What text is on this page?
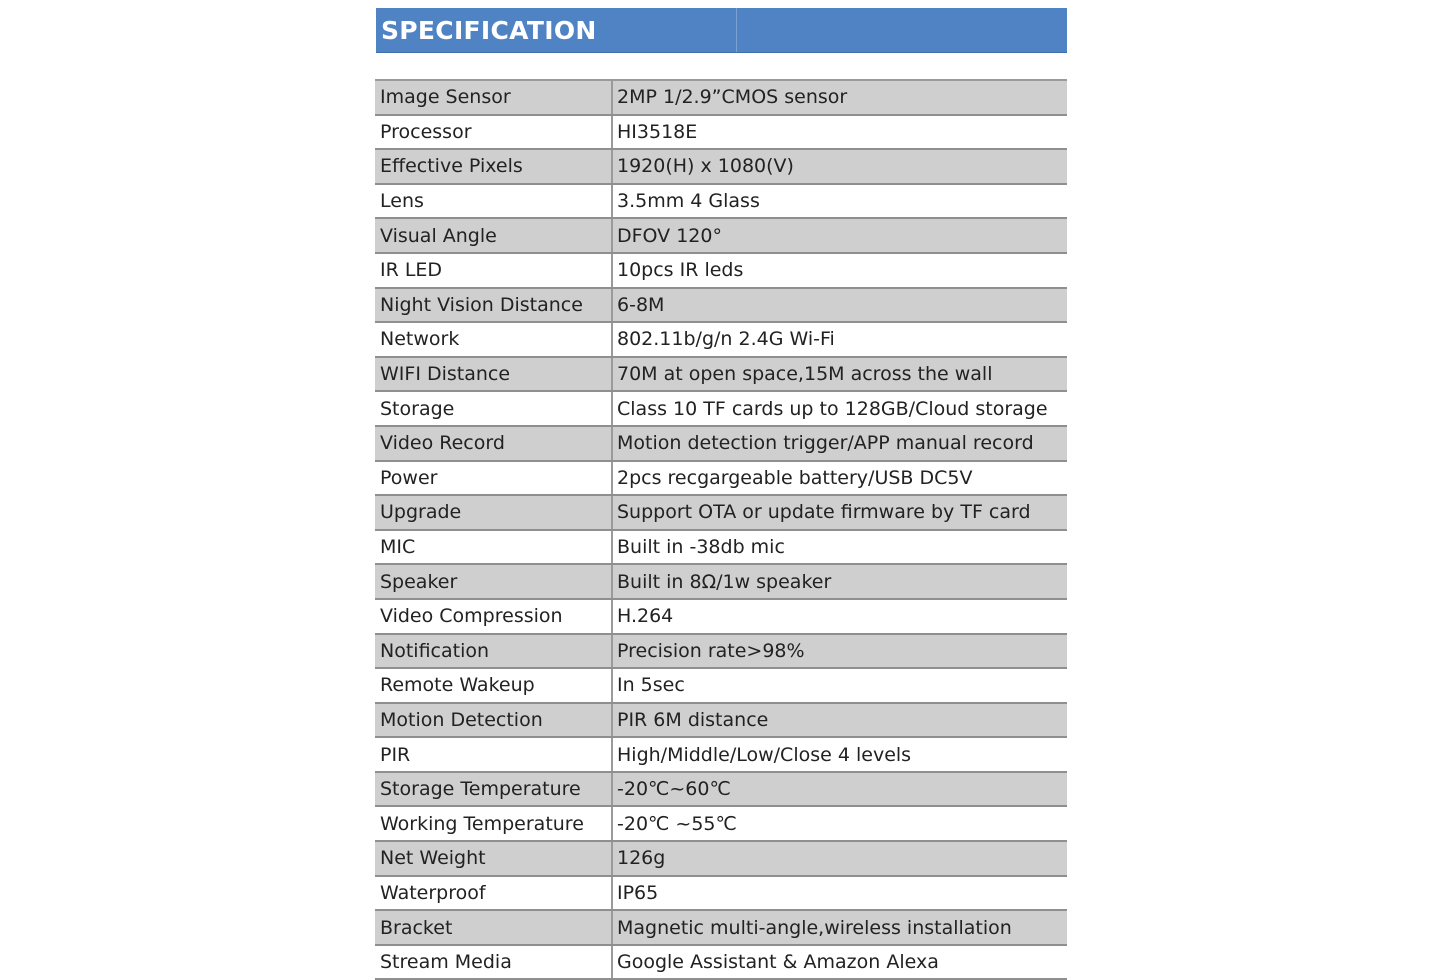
SPECIFICATION
Image Sensor	2MP 1/2.9”CMOS sensor
Processor	HI3518E
Effective Pixels	1920(H) x 1080(V)
Lens	3.5mm 4 Glass
Visual Angle	DFOV 120°
IR LED	10pcs IR leds
Night Vision Distance	6-8M
Network	802.11b/g/n 2.4G Wi-Fi
WIFI Distance	70M at open space,15M across the wall
Storage	Class 10 TF cards up to 128GB/Cloud storage
Video Record	Motion detection trigger/APP manual record
Power	2pcs recgargeable battery/USB DC5V
Upgrade	Support OTA or update firmware by TF card
MIC	Built in -38db mic
Speaker	Built in 8Ω/1w speaker
Video Compression	H.264
Notification	Precision rate>98%
Remote Wakeup	In 5sec
Motion Detection	PIR 6M distance
PIR	High/Middle/Low/Close 4 levels
Storage Temperature	-20℃~60℃
Working Temperature	-20℃ ~55℃
Net Weight	126g
Waterproof	IP65
Bracket	Magnetic multi-angle,wireless installation
Stream Media	Google Assistant & Amazon Alexa
